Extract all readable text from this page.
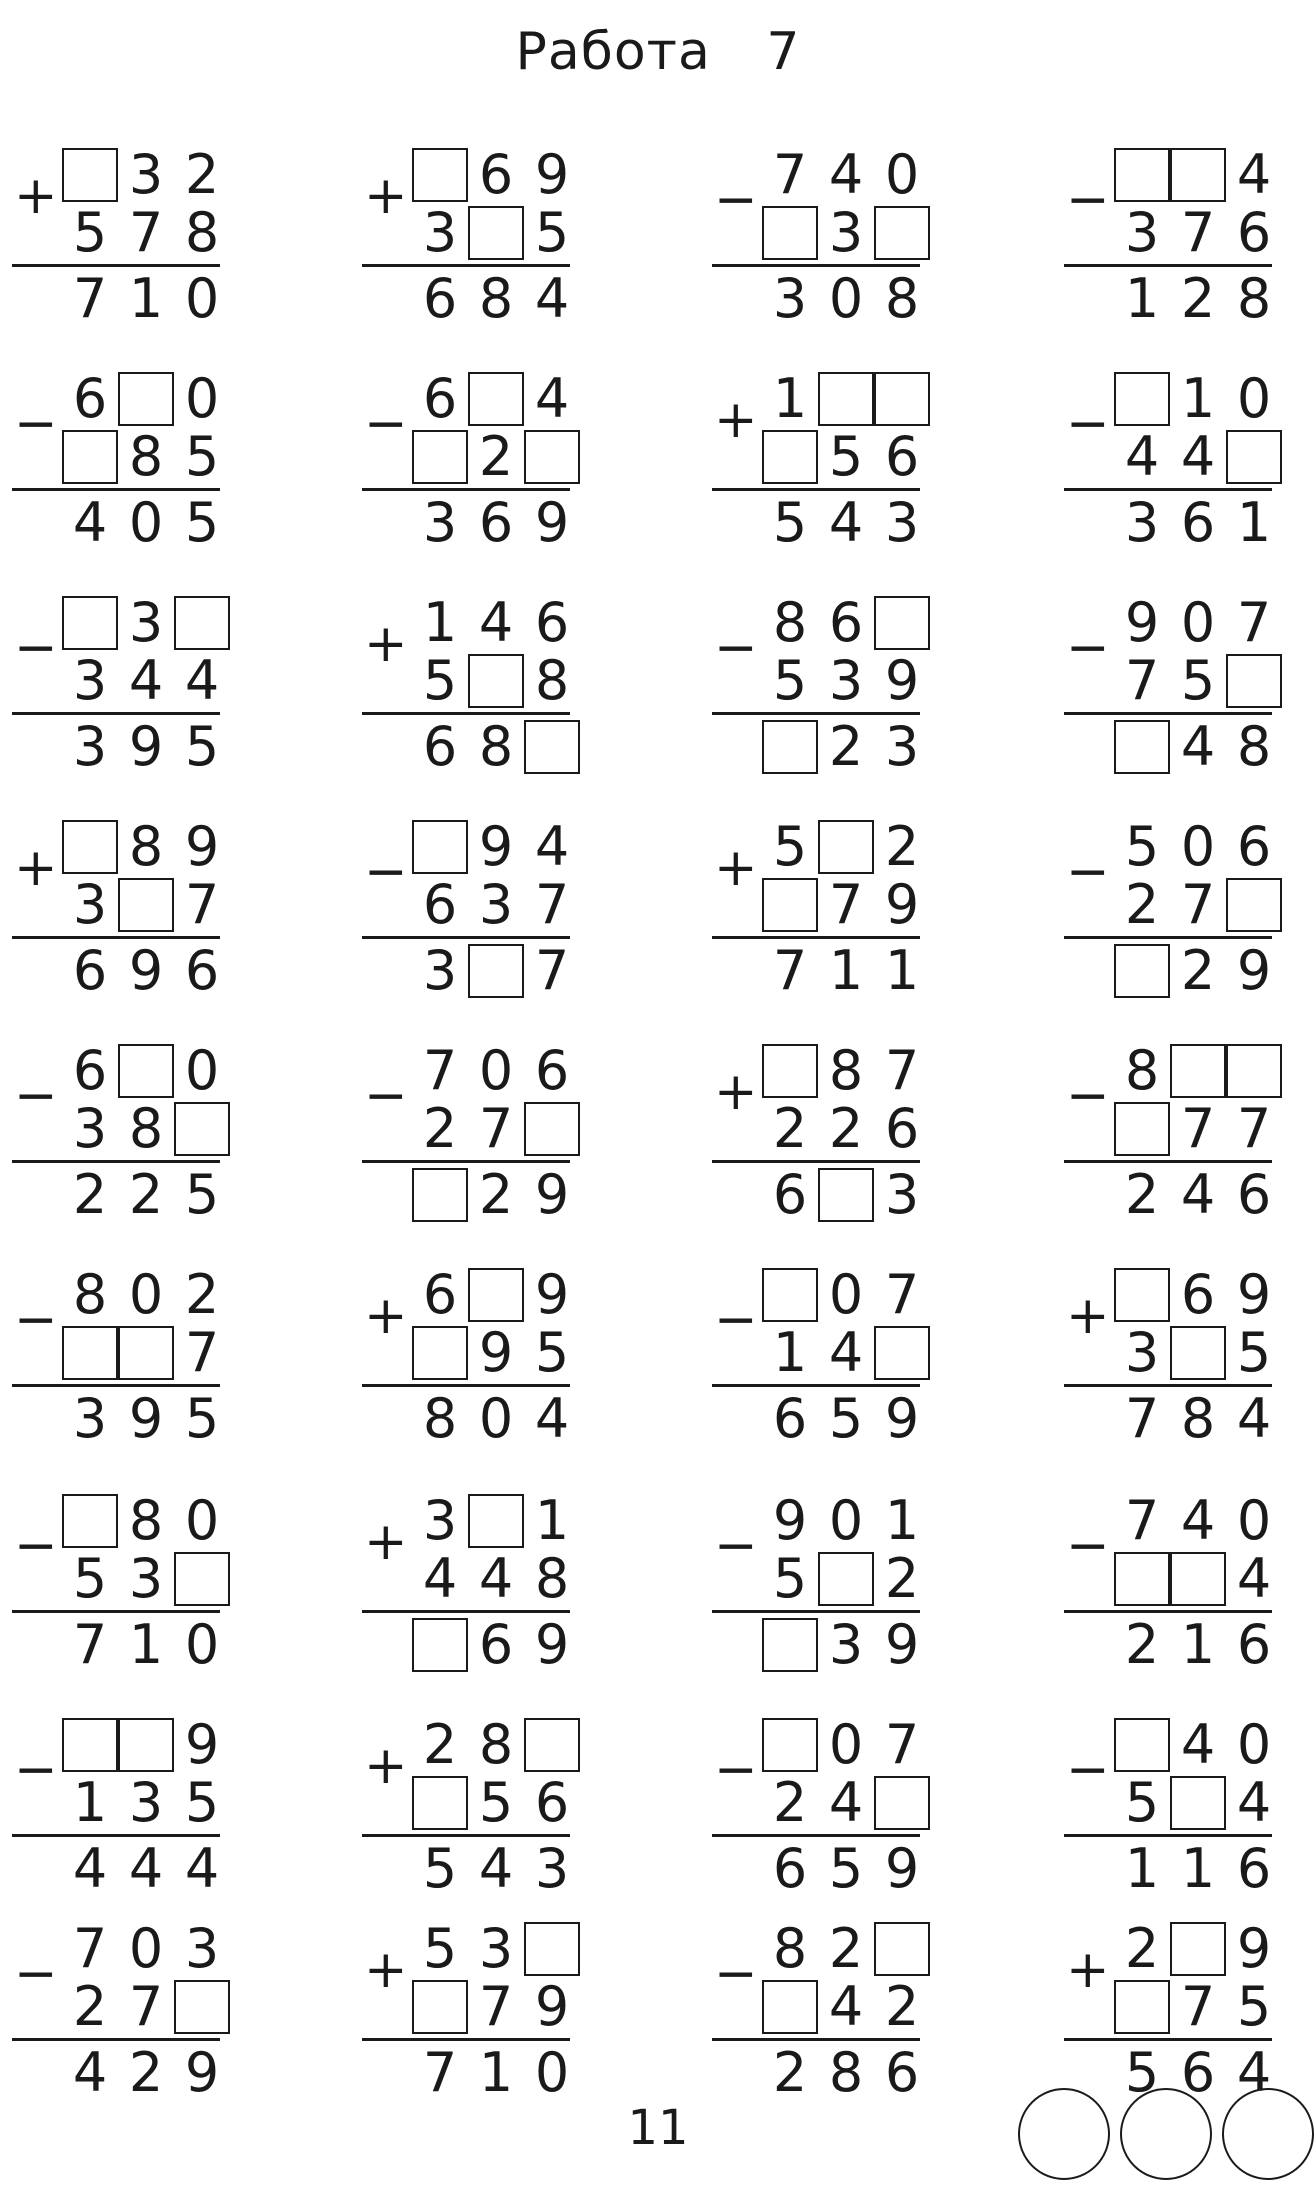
Работа 7
+ 3 2
5 7 8
7 1 0
+ 6 9
3 5
6 8 4
− 7 4 0
3
3 0 8
− 4
3 7 6
1 2 8
− 6 0
8 5
4 0 5
− 6 4
2
3 6 9
+ 1
5 6
5 4 3
− 1 0
4 4
3 6 1
− 3
3 4 4
3 9 5
+ 1 4 6
5 8
6 8
− 8 6
5 3 9
2 3
− 9 0 7
7 5
4 8
+ 8 9
3 7
6 9 6
− 9 4
6 3 7
3 7
+ 5 2
7 9
7 1 1
− 5 0 6
2 7
2 9
− 6 0
3 8
2 2 5
− 7 0 6
2 7
2 9
+ 8 7
2 2 6
6 3
− 8
7 7
2 4 6
− 8 0 2
7
3 9 5
+ 6 9
9 5
8 0 4
− 0 7
1 4
6 5 9
+ 6 9
3 5
7 8 4
− 8 0
5 3
7 1 0
+ 3 1
4 4 8
6 9
− 9 0 1
5 2
3 9
− 7 4 0
4
2 1 6
− 9
1 3 5
4 4 4
+ 2 8
5 6
5 4 3
− 0 7
2 4
6 5 9
− 4 0
5 4
1 1 6
− 7 0 3
2 7
4 2 9
+ 5 3
7 9
7 1 0
− 8 2
4 2
2 8 6
+ 2 9
7 5
5 6 4
11
